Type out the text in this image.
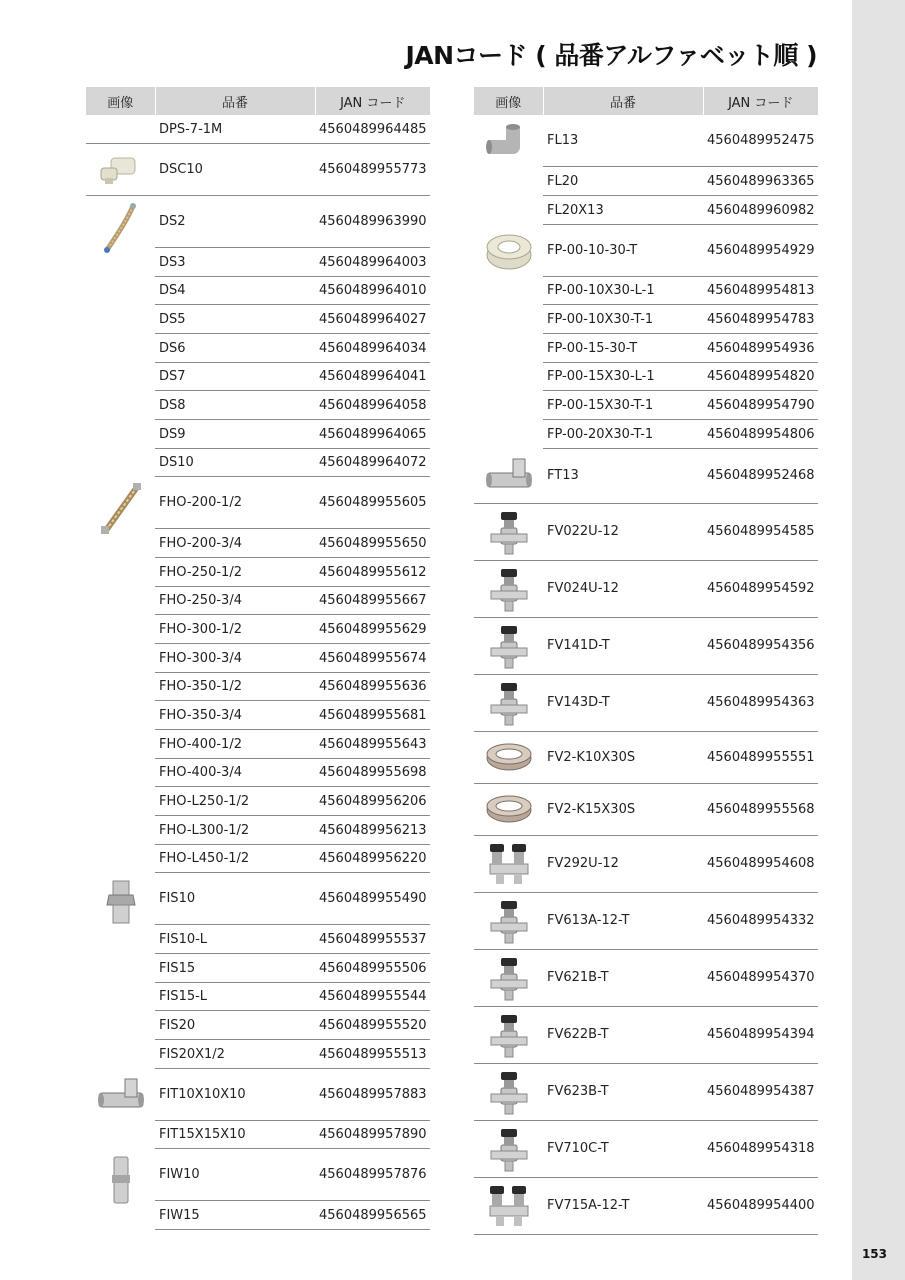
153
JANコード ( 品番アルファベット順 )
画像	品番	JAN コード
	DPS-7-1M	4560489964485

	DSC10	4560489955773

	DS2	4560489963990
	DS3	4560489964003
	DS4	4560489964010
	DS5	4560489964027
	DS6	4560489964034
	DS7	4560489964041
	DS8	4560489964058
	DS9	4560489964065
	DS10	4560489964072

	FHO-200-1/2	4560489955605
	FHO-200-3/4	4560489955650
	FHO-250-1/2	4560489955612
	FHO-250-3/4	4560489955667
	FHO-300-1/2	4560489955629
	FHO-300-3/4	4560489955674
	FHO-350-1/2	4560489955636
	FHO-350-3/4	4560489955681
	FHO-400-1/2	4560489955643
	FHO-400-3/4	4560489955698
	FHO-L250-1/2	4560489956206
	FHO-L300-1/2	4560489956213
	FHO-L450-1/2	4560489956220

	FIS10	4560489955490
	FIS10-L	4560489955537
	FIS15	4560489955506
	FIS15-L	4560489955544
	FIS20	4560489955520
	FIS20X1/2	4560489955513

	FIT10X10X10	4560489957883
	FIT15X15X10	4560489957890

	FIW10	4560489957876
	FIW15	4560489956565
画像	品番	JAN コード

	FL13	4560489952475
	FL20	4560489963365
	FL20X13	4560489960982

	FP-00-10-30-T	4560489954929
	FP-00-10X30-L-1	4560489954813
	FP-00-10X30-T-1	4560489954783
	FP-00-15-30-T	4560489954936
	FP-00-15X30-L-1	4560489954820
	FP-00-15X30-T-1	4560489954790
	FP-00-20X30-T-1	4560489954806

	FT13	4560489952468

	FV022U-12	4560489954585

	FV024U-12	4560489954592

	FV141D-T	4560489954356

	FV143D-T	4560489954363

	FV2-K10X30S	4560489955551

	FV2-K15X30S	4560489955568

	FV292U-12	4560489954608

	FV613A-12-T	4560489954332

	FV621B-T	4560489954370

	FV622B-T	4560489954394

	FV623B-T	4560489954387

	FV710C-T	4560489954318

	FV715A-12-T	4560489954400
